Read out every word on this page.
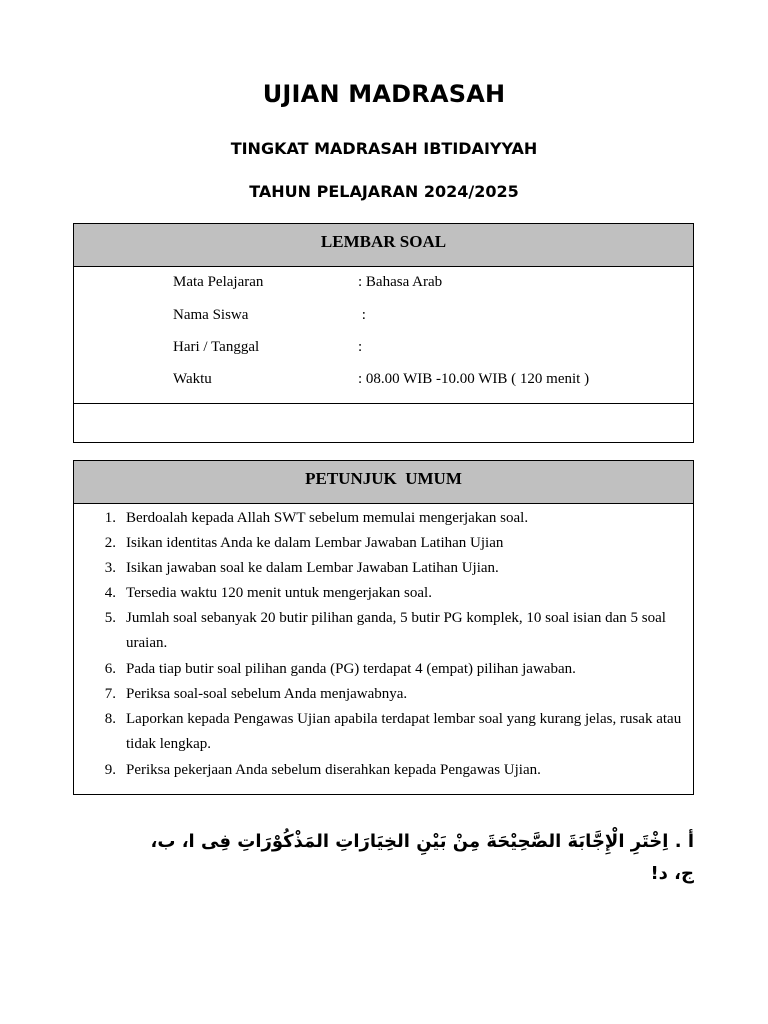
UJIAN MADRASAH
TINGKAT MADRASAH IBTIDAIYYAH
TAHUN PELAJARAN 2024/2025
LEMBAR SOAL
Mata Pelajaran	: Bahasa Arab
Nama Siswa	:
Hari / Tanggal	:
Waktu	: 08.00 WIB -10.00 WIB ( 120 menit )
PETUNJUK  UMUM
1. Berdoalah kepada Allah SWT sebelum memulai mengerjakan soal.
2. Isikan identitas Anda ke dalam Lembar Jawaban Latihan Ujian
3. Isikan jawaban soal ke dalam Lembar Jawaban Latihan Ujian.
4. Tersedia waktu 120 menit untuk mengerjakan soal.
5. Jumlah soal sebanyak 20 butir pilihan ganda, 5 butir PG komplek, 10 soal isian dan 5 soal uraian.
6. Pada tiap butir soal pilihan ganda (PG) terdapat 4 (empat) pilihan jawaban.
7. Periksa soal-soal sebelum Anda menjawabnya.
8. Laporkan kepada Pengawas Ujian apabila terdapat lembar soal yang kurang jelas, rusak atau tidak lengkap.
9. Periksa pekerjaan Anda sebelum diserahkan kepada Pengawas Ujian.
أ . اِخْتَرِ الْإِجَّابَةَ الصَّحِيْحَةَ مِنْ بَيْنِ الخِيَارَاتِ المَذْكُوْرَاتِ فِى ا، ب، ج، د!
